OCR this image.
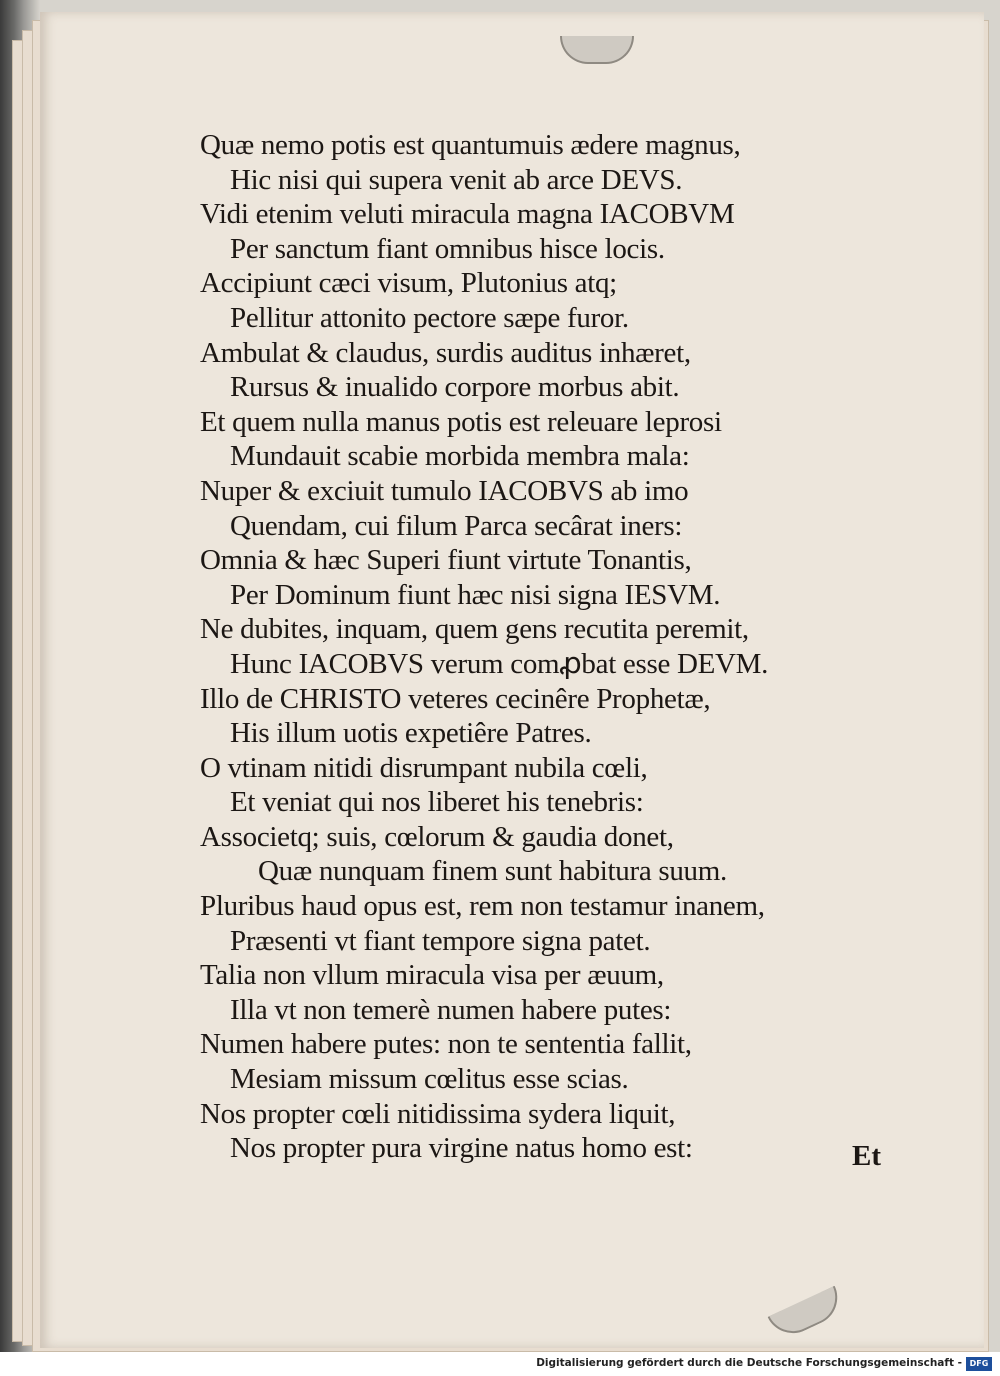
Quæ nemo potis est quantumuis ædere magnus,
Hic nisi qui supera venit ab arce DEVS.
Vidi etenim veluti miracula magna IACOBVM
Per sanctum fiant omnibus hisce locis.
Accipiunt cæci visum, Plutonius atq;
Pellitur attonito pectore sæpe furor.
Ambulat & claudus, surdis auditus inhæret,
Rursus & inualido corpore morbus abit.
Et quem nulla manus potis est releuare leprosi
Mundauit scabie morbida membra mala:
Nuper & exciuit tumulo IACOBVS ab imo
Quendam, cui filum Parca secârat iners:
Omnia & hæc Superi fiunt virtute Tonantis,
Per Dominum fiunt hæc nisi signa IESVM.
Ne dubites, inquam, quem gens recutita peremit,
Hunc IACOBVS verum comꝓbat esse DEVM.
Illo de CHRISTO veteres cecinêre Prophetæ,
His illum uotis expetiêre Patres.
O vtinam nitidi disrumpant nubila cœli,
Et veniat qui nos liberet his tenebris:
Associetq; suis, cœlorum & gaudia donet,
Quæ nunquam finem sunt habitura suum.
Pluribus haud opus est, rem non testamur inanem,
Præsenti vt fiant tempore signa patet.
Talia non vllum miracula visa per æuum,
Illa vt non temerè numen habere putes:
Numen habere putes: non te sententia fallit,
Mesiam missum cœlitus esse scias.
Nos propter cœli nitidissima sydera liquit,
Nos propter pura virgine natus homo est:	Et
Digitalisierung gefördert durch die Deutsche Forschungsgemeinschaft - DFG
